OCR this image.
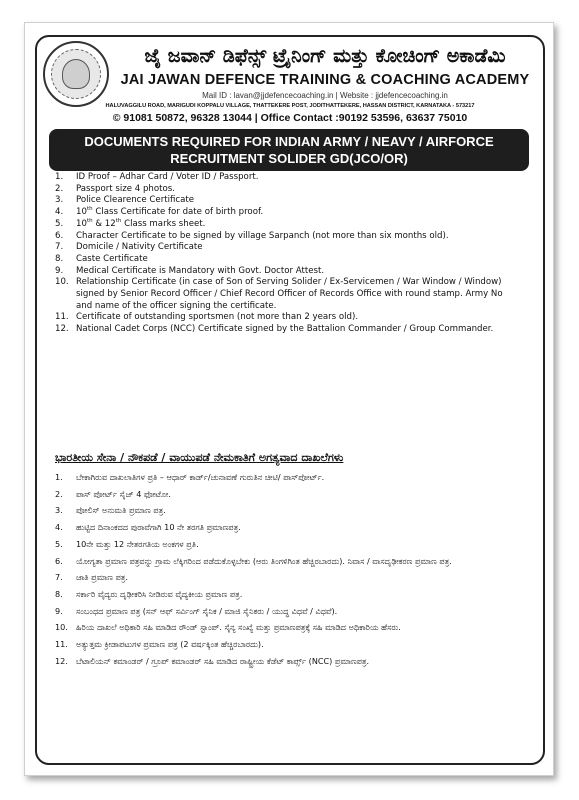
ಜೈ ಜವಾನ್ ಡಿಫೆನ್ಸ್ ಟ್ರೈನಿಂಗ್ ಮತ್ತು ಕೋಚಿಂಗ್ ಅಕಾಡೆಮಿ
JAI JAWAN DEFENCE TRAINING & COACHING ACADEMY
Mail ID : lavan@jjdefencecoaching.in | Website : jjdefencecoaching.in
HALUVAGGILU ROAD, MARIGUDI KOPPALU VILLAGE, THATTEKERE POST, JODITHATTEKERE, HASSAN DISTRICT, KARNATAKA - 573217
© 91081 50872, 96328 13044 | Office Contact :90192 53596, 63637 75010
DOCUMENTS REQUIRED FOR INDIAN ARMY / NEAVY / AIRFORCE
RECRUITMENT SOLIDER GD(JCO/OR)
1. ID Proof – Adhar Card / Voter ID / Passport.
2. Passport size 4 photos.
3. Police Clearence Certificate
4. 10th Class Certificate for date of birth proof.
5. 10th & 12th Class marks sheet.
6. Character Certificate to be signed by village Sarpanch (not more than six months old).
7. Domicile / Nativity Certificate
8. Caste Certificate
9. Medical Certificate is Mandatory with Govt. Doctor Attest.
10. Relationship Certificate (in case of Son of Serving Solider / Ex-Servicemen / War Window / Window) signed by Senior Record Officer / Chief Record Officer of Records Office with round stamp. Army No and name of the officer signing the certificate.
11. Certificate of outstanding sportsmen (not more than 2 years old).
12. National Cadet Corps (NCC) Certificate signed by the Battalion Commander / Group Commander.
ಭಾರತೀಯ ಸೇನಾ / ನೌಕಪಡೆ / ವಾಯುಪಡೆ ನೇಮಕಾತಿಗೆ ಅಗತ್ಯವಾದ ದಾಖಲೆಗಳು
1. ಬೇಕಾಗಿರುವ ದಾಖಲಾತಿಗಳ ಪ್ರತಿ – ಆಧಾರ್ ಕಾರ್ಡ್/ಚುನಾವಣೆ ಗುರುತಿನ ಚೀಟಿ/ ಪಾಸ್‌ಪೋರ್ಟ್.
2. ಪಾಸ್ ಪೋರ್ಟ್ ಸೈಜ್ 4 ಫೋಟೋ.
3. ಪೋಲಿಸ್ ಅನುಮತಿ ಪ್ರಮಾಣ ಪತ್ರ.
4. ಹುಟ್ಟಿದ ದಿನಾಂಕದದ ಪುರಾವೆಗಾಗಿ 10 ನೇ ತರಗತಿ ಪ್ರಮಾಣಪತ್ರ.
5. 10ನೇ ಮತ್ತು 12 ನೇತರಗತಿಯ ಅಂಕಗಳ ಪ್ರತಿ.
6. ಯೋಗ್ಯತಾ ಪ್ರಮಾಣ ಪತ್ರವನ್ನು ಗ್ರಾಮ ಲೆಕ್ಕಿಗರಿಂದ ಪಡೆದುಕೊಳ್ಳಬೇಕು (ಆರು ತಿಂಗಳಿಗಿಂತ ಹೆಚ್ಚಿರಬಾರದು). ನಿವಾಸ / ವಾಸದೃಢೀಕರಣ ಪ್ರಮಾಣ ಪತ್ರ.
7. ಜಾತಿ ಪ್ರಮಾಣ ಪತ್ರ.
8. ಸರ್ಕಾರಿ ವೈದ್ಯರು ದೃಢೀಕರಿಸಿ ನೀಡಿರುವ ವೈದ್ಯಕೀಯ ಪ್ರಮಾಣ ಪತ್ರ.
9. ಸಂಬಂಧದ ಪ್ರಮಾಣ ಪತ್ರ (ಸನ್ ಆಫ್ ಸರ್ವಿಂಗ್ ಸೈನಿಕ / ಮಾಜಿ ಸೈನಿಕರು / ಯುದ್ಧ ವಿಧವೆ / ವಿಧವೆ).
10. ಹಿರಿಯ ದಾಖಲೆ ಅಧಿಕಾರಿ ಸಹಿ ಮಾಡಿದ ರೌಂಡ್ ಸ್ಟಾಂಪ್. ಸೈನ್ಯ ಸಂಖ್ಯೆ ಮತ್ತು ಪ್ರಮಾಣಪತ್ರಕ್ಕೆ ಸಹಿ ಮಾಡಿದ ಅಧಿಕಾರಿಯ ಹೆಸರು.
11. ಅತ್ಯುತ್ತಮ ಕ್ರೀಡಾಪಟುಗಳ ಪ್ರಮಾಣ ಪತ್ರ (2 ವರ್ಷಕ್ಕಿಂತ ಹೆಚ್ಚಿರಬಾರದು).
12. ಬೆಟಾಲಿಯನ್ ಕಮಾಂಡರ್ / ಗ್ರೂಪ್ ಕಮಾಂಡರ್ ಸಹಿ ಮಾಡಿದ ರಾಷ್ಟ್ರೀಯ ಕೆಡೆಟ್ ಕಾರ್ಪ್ಸ್ (NCC) ಪ್ರಮಾಣಪತ್ರ.
